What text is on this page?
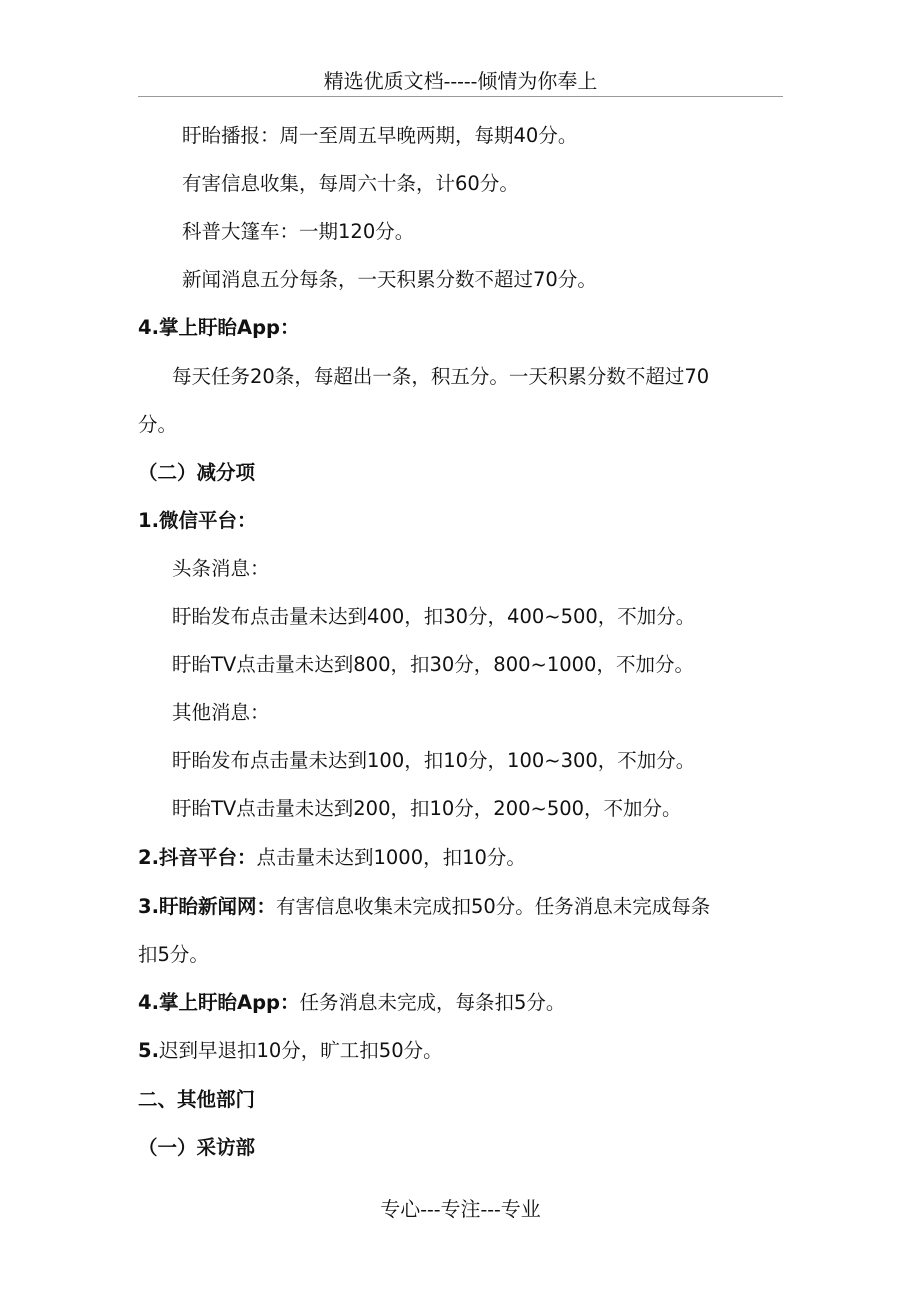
精选优质文档-----倾情为你奉上
盱眙播报：周一至周五早晚两期，每期40分。
有害信息收集，每周六十条，计60分。
科普大篷车：一期120分。
新闻消息五分每条，一天积累分数不超过70分。
4.掌上盱眙App：
每天任务20条，每超出一条，积五分。一天积累分数不超过70
分。
（二）减分项
1.微信平台：
头条消息：
盱眙发布点击量未达到400，扣30分，400~500，不加分。
盱眙TV点击量未达到800，扣30分，800~1000，不加分。
其他消息：
盱眙发布点击量未达到100，扣10分，100~300，不加分。
盱眙TV点击量未达到200，扣10分，200~500，不加分。
2.抖音平台：点击量未达到1000，扣10分。
3.盱眙新闻网：有害信息收集未完成扣50分。任务消息未完成每条
扣5分。
4.掌上盱眙App：任务消息未完成，每条扣5分。
5.迟到早退扣10分，旷工扣50分。
二、其他部门
（一）采访部
专心---专注---专业
